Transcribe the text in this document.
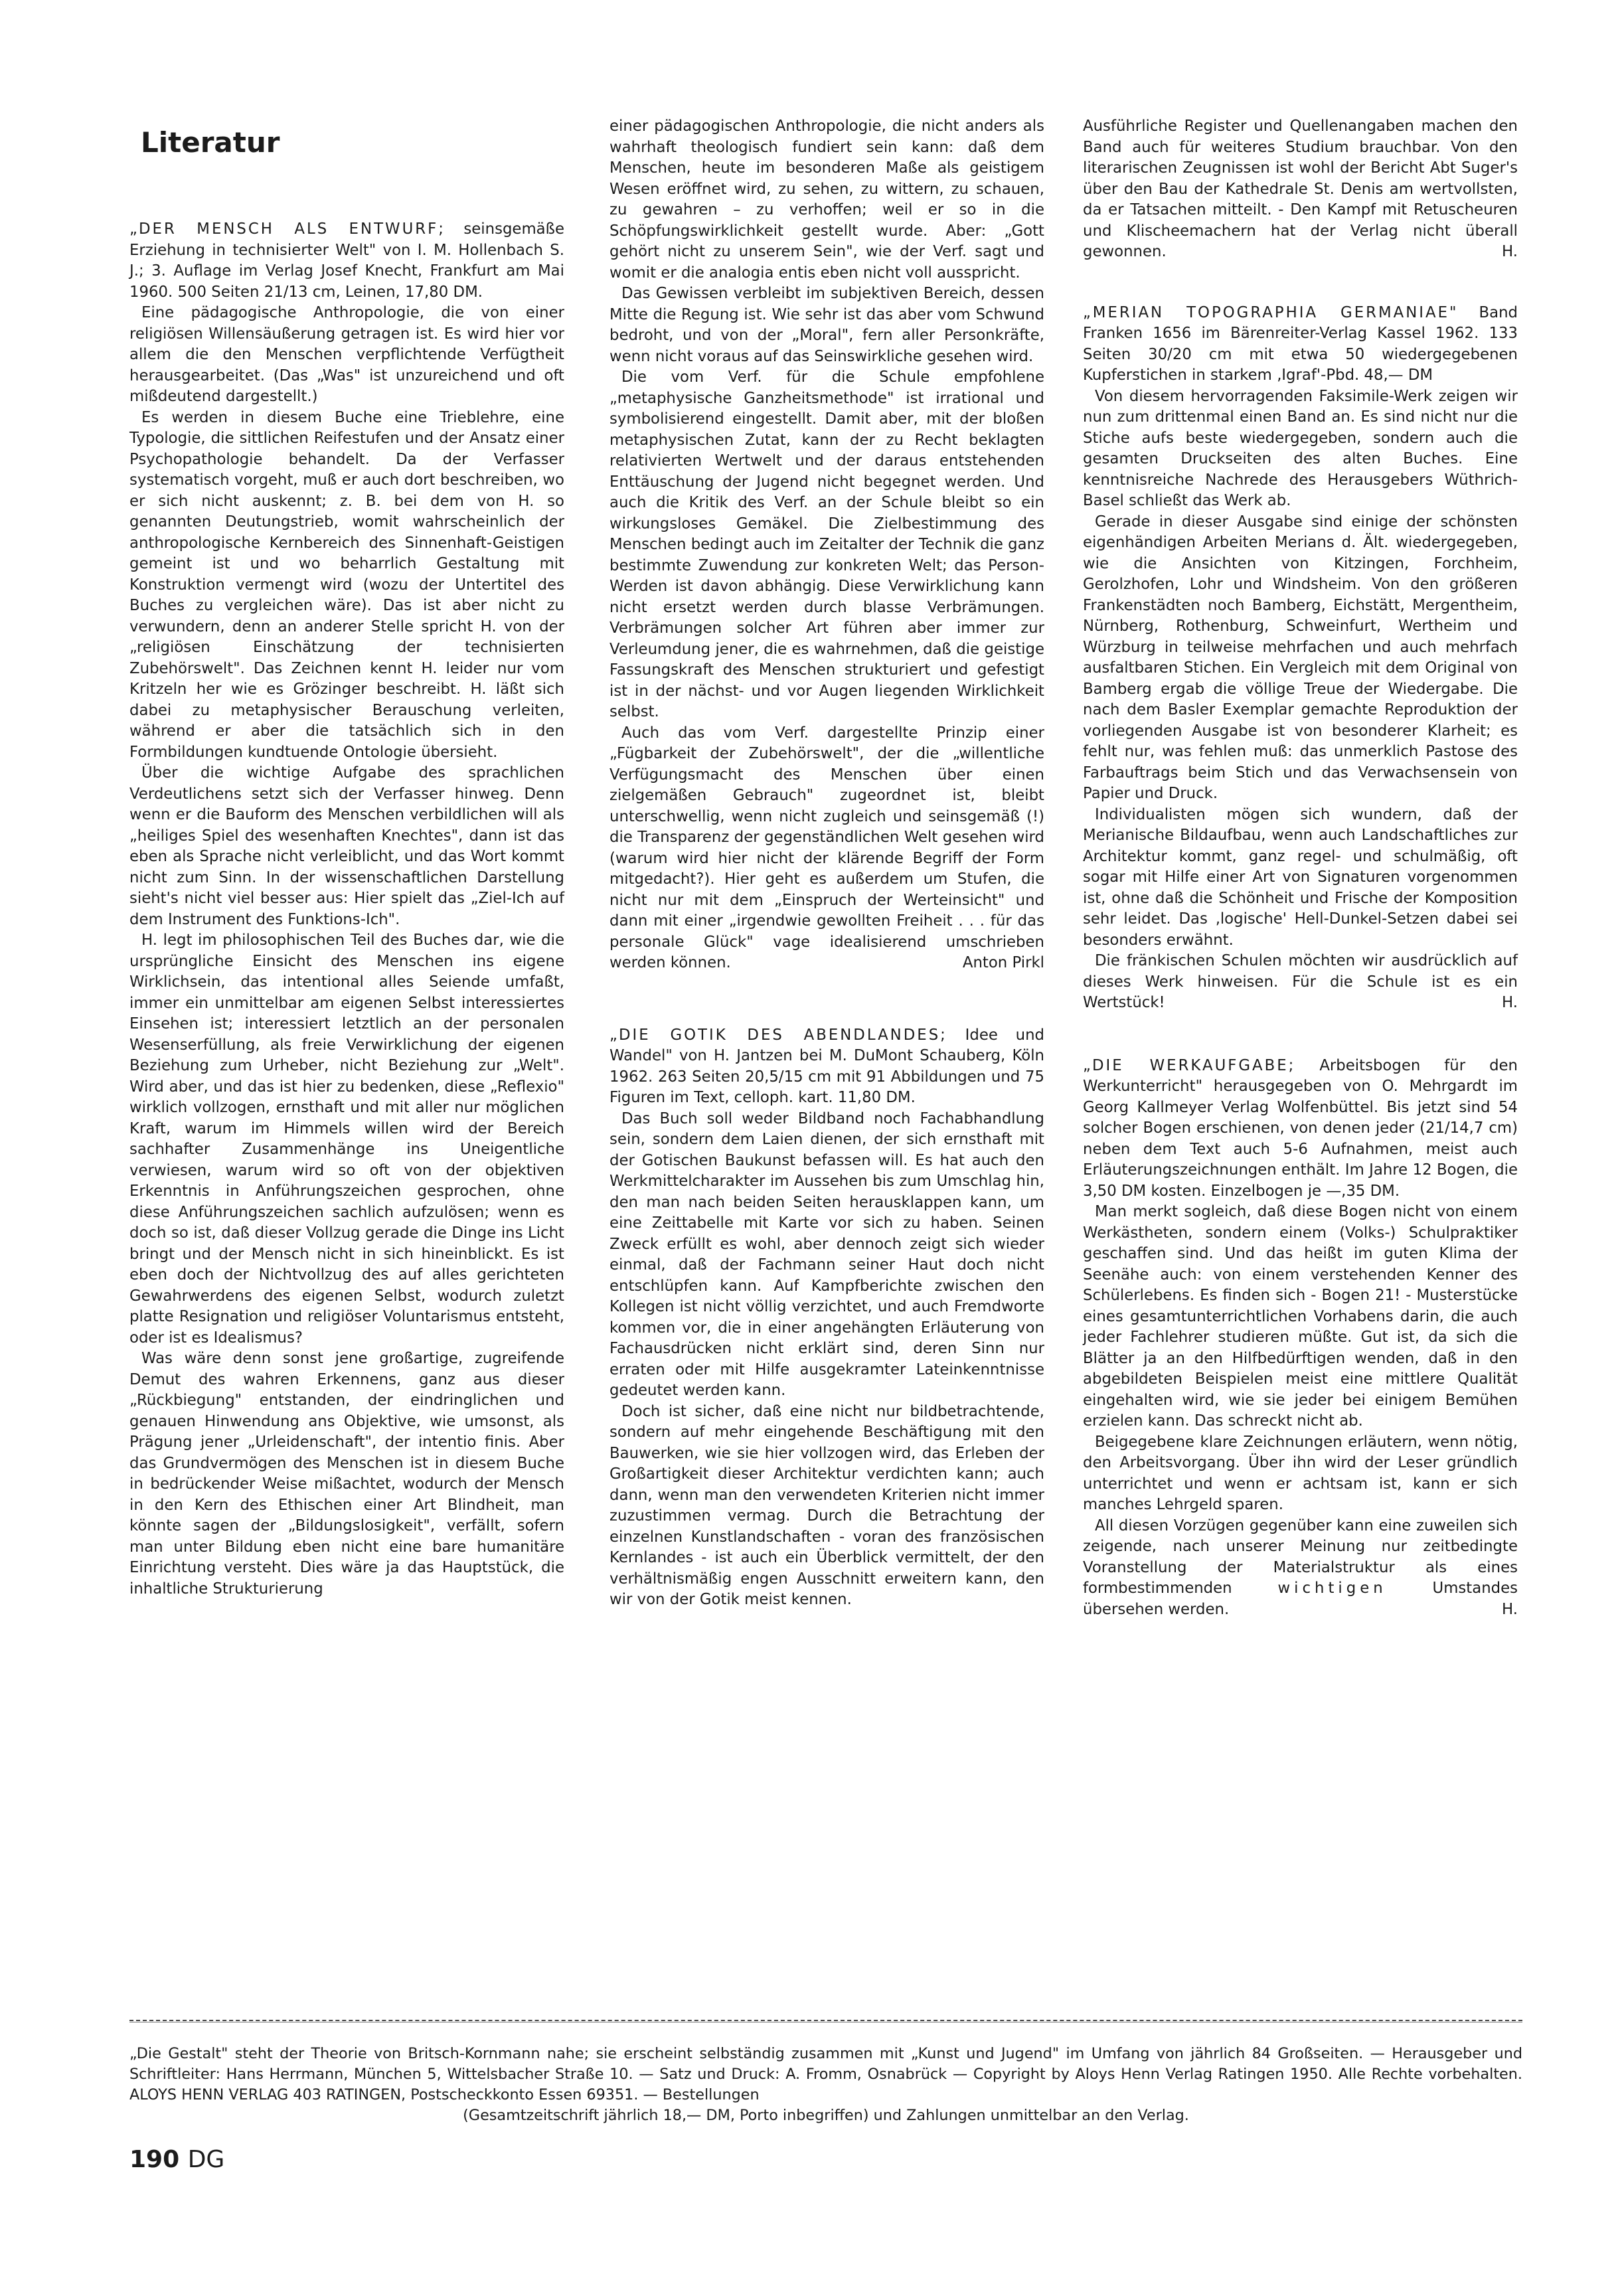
Literatur

„DER MENSCH ALS ENTWURF; seinsgemäße Erziehung in technisierter Welt" von I. M. Hollenbach S. J.; 3. Auflage im Verlag Josef Knecht, Frankfurt am Mai 1960. 500 Seiten 21/13 cm, Leinen, 17,80 DM.

Eine pädagogische Anthropologie, die von einer religiösen Willensäußerung getragen ist. Es wird hier vor allem die den Menschen verpflichtende Verfügtheit herausgearbeitet. (Das „Was" ist unzureichend und oft mißdeutend dargestellt.)

Es werden in diesem Buche eine Trieblehre, eine Typologie, die sittlichen Reifestufen und der Ansatz einer Psychopathologie behandelt. Da der Verfasser systematisch vorgeht, muß er auch dort beschreiben, wo er sich nicht auskennt; z. B. bei dem von H. so genannten Deutungstrieb, womit wahrscheinlich der anthropologische Kernbereich des Sinnenhaft-Geistigen gemeint ist und wo beharrlich Gestaltung mit Konstruktion vermengt wird (wozu der Untertitel des Buches zu vergleichen wäre). Das ist aber nicht zu verwundern, denn an anderer Stelle spricht H. von der „religiösen Einschätzung der technisierten Zubehörswelt". Das Zeichnen kennt H. leider nur vom Kritzeln her wie es Grözinger beschreibt. H. läßt sich dabei zu metaphysischer Berauschung verleiten, während er aber die tatsächlich sich in den Formbildungen kundtuende Ontologie übersieht.

Über die wichtige Aufgabe des sprachlichen Verdeutlichens setzt sich der Verfasser hinweg. Denn wenn er die Bauform des Menschen verbildlichen will als „heiliges Spiel des wesenhaften Knechtes", dann ist das eben als Sprache nicht verleiblicht, und das Wort kommt nicht zum Sinn. In der wissenschaftlichen Darstellung sieht's nicht viel besser aus: Hier spielt das „Ziel-Ich auf dem Instrument des Funktions-Ich".

H. legt im philosophischen Teil des Buches dar, wie die ursprüngliche Einsicht des Menschen ins eigene Wirklichsein, das intentional alles Seiende umfaßt, immer ein unmittelbar am eigenen Selbst interessiertes Einsehen ist; interessiert letztlich an der personalen Wesenserfüllung, als freie Verwirklichung der eigenen Beziehung zum Urheber, nicht Beziehung zur „Welt". Wird aber, und das ist hier zu bedenken, diese „Reflexio" wirklich vollzogen, ernsthaft und mit aller nur möglichen Kraft, warum im Himmels willen wird der Bereich sachhafter Zusammenhänge ins Uneigentliche verwiesen, warum wird so oft von der objektiven Erkenntnis in Anführungszeichen gesprochen, ohne diese Anführungszeichen sachlich aufzulösen; wenn es doch so ist, daß dieser Vollzug gerade die Dinge ins Licht bringt und der Mensch nicht in sich hineinblickt. Es ist eben doch der Nichtvollzug des auf alles gerichteten Gewahrwerdens des eigenen Selbst, wodurch zuletzt platte Resignation und religiöser Voluntarismus entsteht, oder ist es Idealismus?

Was wäre denn sonst jene großartige, zugreifende Demut des wahren Erkennens, ganz aus dieser „Rückbiegung" entstanden, der eindringlichen und genauen Hinwendung ans Objektive, wie umsonst, als Prägung jener „Urleidenschaft", der intentio finis. Aber das Grundvermögen des Menschen ist in diesem Buche in bedrückender Weise mißachtet, wodurch der Mensch in den Kern des Ethischen einer Art Blindheit, man könnte sagen der „Bildungslosigkeit", verfällt, sofern man unter Bildung eben nicht eine bare humanitäre Einrichtung versteht. Dies wäre ja das Hauptstück, die inhaltliche Strukturierung

einer pädagogischen Anthropologie, die nicht anders als wahrhaft theologisch fundiert sein kann: daß dem Menschen, heute im besonderen Maße als geistigem Wesen eröffnet wird, zu sehen, zu wittern, zu schauen, zu gewahren – zu verhoffen; weil er so in die Schöpfungswirklichkeit gestellt wurde. Aber: „Gott gehört nicht zu unserem Sein", wie der Verf. sagt und womit er die analogia entis eben nicht voll ausspricht.

Das Gewissen verbleibt im subjektiven Bereich, dessen Mitte die Regung ist. Wie sehr ist das aber vom Schwund bedroht, und von der „Moral", fern aller Personkräfte, wenn nicht voraus auf das Seinswirkliche gesehen wird.

Die vom Verf. für die Schule empfohlene „metaphysische Ganzheitsmethode" ist irrational und symbolisierend eingestellt. Damit aber, mit der bloßen metaphysischen Zutat, kann der zu Recht beklagten relativierten Wertwelt und der daraus entstehenden Enttäuschung der Jugend nicht begegnet werden. Und auch die Kritik des Verf. an der Schule bleibt so ein wirkungsloses Gemäkel. Die Zielbestimmung des Menschen bedingt auch im Zeitalter der Technik die ganz bestimmte Zuwendung zur konkreten Welt; das Person-Werden ist davon abhängig. Diese Verwirklichung kann nicht ersetzt werden durch blasse Verbrämungen. Verbrämungen solcher Art führen aber immer zur Verleumdung jener, die es wahrnehmen, daß die geistige Fassungskraft des Menschen strukturiert und gefestigt ist in der nächst- und vor Augen liegenden Wirklichkeit selbst.

Auch das vom Verf. dargestellte Prinzip einer „Fügbarkeit der Zubehörswelt", der die „willentliche Verfügungsmacht des Menschen über einen zielgemäßen Gebrauch" zugeordnet ist, bleibt unterschwellig, wenn nicht zugleich und seinsgemäß (!) die Transparenz der gegenständlichen Welt gesehen wird (warum wird hier nicht der klärende Begriff der Form mitgedacht?). Hier geht es außerdem um Stufen, die nicht nur mit dem „Einspruch der Werteinsicht" und dann mit einer „irgendwie gewollten Freiheit . . . für das personale Glück" vage idealisierend umschrieben werden können.	Anton Pirkl

„DIE GOTIK DES ABENDLANDES; Idee und Wandel" von H. Jantzen bei M. DuMont Schauberg, Köln 1962. 263 Seiten 20,5/15 cm mit 91 Abbildungen und 75 Figuren im Text, celloph. kart. 11,80 DM.

Das Buch soll weder Bildband noch Fachabhandlung sein, sondern dem Laien dienen, der sich ernsthaft mit der Gotischen Baukunst befassen will. Es hat auch den Werkmittelcharakter im Aussehen bis zum Umschlag hin, den man nach beiden Seiten herausklappen kann, um eine Zeittabelle mit Karte vor sich zu haben. Seinen Zweck erfüllt es wohl, aber dennoch zeigt sich wieder einmal, daß der Fachmann seiner Haut doch nicht entschlüpfen kann. Auf Kampfberichte zwischen den Kollegen ist nicht völlig verzichtet, und auch Fremdworte kommen vor, die in einer angehängten Erläuterung von Fachausdrücken nicht erklärt sind, deren Sinn nur erraten oder mit Hilfe ausgekramter Lateinkenntnisse gedeutet werden kann.

Doch ist sicher, daß eine nicht nur bildbetrachtende, sondern auf mehr eingehende Beschäftigung mit den Bauwerken, wie sie hier vollzogen wird, das Erleben der Großartigkeit dieser Architektur verdichten kann; auch dann, wenn man den verwendeten Kriterien nicht immer zuzustimmen vermag. Durch die Betrachtung der einzelnen Kunstlandschaften - voran des französischen Kernlandes - ist auch ein Überblick vermittelt, der den verhältnismäßig engen Ausschnitt erweitern kann, den wir von der Gotik meist kennen.

Ausführliche Register und Quellenangaben machen den Band auch für weiteres Studium brauchbar. Von den literarischen Zeugnissen ist wohl der Bericht Abt Suger's über den Bau der Kathedrale St. Denis am wertvollsten, da er Tatsachen mitteilt. - Den Kampf mit Retuscheuren und Klischeemachern hat der Verlag nicht überall gewonnen.	H.

„MERIAN TOPOGRAPHIA GERMANIAE" Band Franken 1656 im Bärenreiter-Verlag Kassel 1962. 133 Seiten 30/20 cm mit etwa 50 wiedergegebenen Kupferstichen in starkem ‚Igraf'-Pbd. 48,— DM

Von diesem hervorragenden Faksimile-Werk zeigen wir nun zum drittenmal einen Band an. Es sind nicht nur die Stiche aufs beste wiedergegeben, sondern auch die gesamten Druckseiten des alten Buches. Eine kenntnisreiche Nachrede des Herausgebers Wüthrich-Basel schließt das Werk ab.

Gerade in dieser Ausgabe sind einige der schönsten eigenhändigen Arbeiten Merians d. Ält. wiedergegeben, wie die Ansichten von Kitzingen, Forchheim, Gerolzhofen, Lohr und Windsheim. Von den größeren Frankenstädten noch Bamberg, Eichstätt, Mergentheim, Nürnberg, Rothenburg, Schweinfurt, Wertheim und Würzburg in teilweise mehrfachen und auch mehrfach ausfaltbaren Stichen. Ein Vergleich mit dem Original von Bamberg ergab die völlige Treue der Wiedergabe. Die nach dem Basler Exemplar gemachte Reproduktion der vorliegenden Ausgabe ist von besonderer Klarheit; es fehlt nur, was fehlen muß: das unmerklich Pastose des Farbauftrags beim Stich und das Verwachsensein von Papier und Druck.

Individualisten mögen sich wundern, daß der Merianische Bildaufbau, wenn auch Landschaftliches zur Architektur kommt, ganz regel- und schulmäßig, oft sogar mit Hilfe einer Art von Signaturen vorgenommen ist, ohne daß die Schönheit und Frische der Komposition sehr leidet. Das ‚logische' Hell-Dunkel-Setzen dabei sei besonders erwähnt.

Die fränkischen Schulen möchten wir ausdrücklich auf dieses Werk hinweisen. Für die Schule ist es ein Wertstück!	H.

„DIE WERKAUFGABE; Arbeitsbogen für den Werkunterricht" herausgegeben von O. Mehrgardt im Georg Kallmeyer Verlag Wolfenbüttel. Bis jetzt sind 54 solcher Bogen erschienen, von denen jeder (21/14,7 cm) neben dem Text auch 5-6 Aufnahmen, meist auch Erläuterungszeichnungen enthält. Im Jahre 12 Bogen, die 3,50 DM kosten. Einzelbogen je —,35 DM.

Man merkt sogleich, daß diese Bogen nicht von einem Werkästheten, sondern einem (Volks-) Schulpraktiker geschaffen sind. Und das heißt im guten Klima der Seenähe auch: von einem verstehenden Kenner des Schülerlebens. Es finden sich - Bogen 21! - Musterstücke eines gesamtunterrichtlichen Vorhabens darin, die auch jeder Fachlehrer studieren müßte. Gut ist, da sich die Blätter ja an den Hilfbedürftigen wenden, daß in den abgebildeten Beispielen meist eine mittlere Qualität eingehalten wird, wie sie jeder bei einigem Bemühen erzielen kann. Das schreckt nicht ab.

Beigegebene klare Zeichnungen erläutern, wenn nötig, den Arbeitsvorgang. Über ihn wird der Leser gründlich unterrichtet und wenn er achtsam ist, kann er sich manches Lehrgeld sparen.

All diesen Vorzügen gegenüber kann eine zuweilen sich zeigende, nach unserer Meinung nur zeitbedingte Voranstellung der Materialstruktur als eines formbestimmenden	wichtigen	Umstandes übersehen werden.	H.

„Die Gestalt" steht der Theorie von Britsch-Kornmann nahe; sie erscheint selbständig zusammen mit „Kunst und Jugend" im Umfang von jährlich 84 Großseiten. — Herausgeber und Schriftleiter: Hans Herrmann, München 5, Wittelsbacher Straße 10. — Satz und Druck: A. Fromm, Osnabrück — Copyright by Aloys Henn Verlag Ratingen 1950. Alle Rechte vorbehalten. ALOYS HENN VERLAG 403 RATINGEN, Postscheckkonto Essen 69351. — Bestellungen
(Gesamtzeitschrift jährlich 18,— DM, Porto inbegriffen) und Zahlungen unmittelbar an den Verlag.
190 DG
